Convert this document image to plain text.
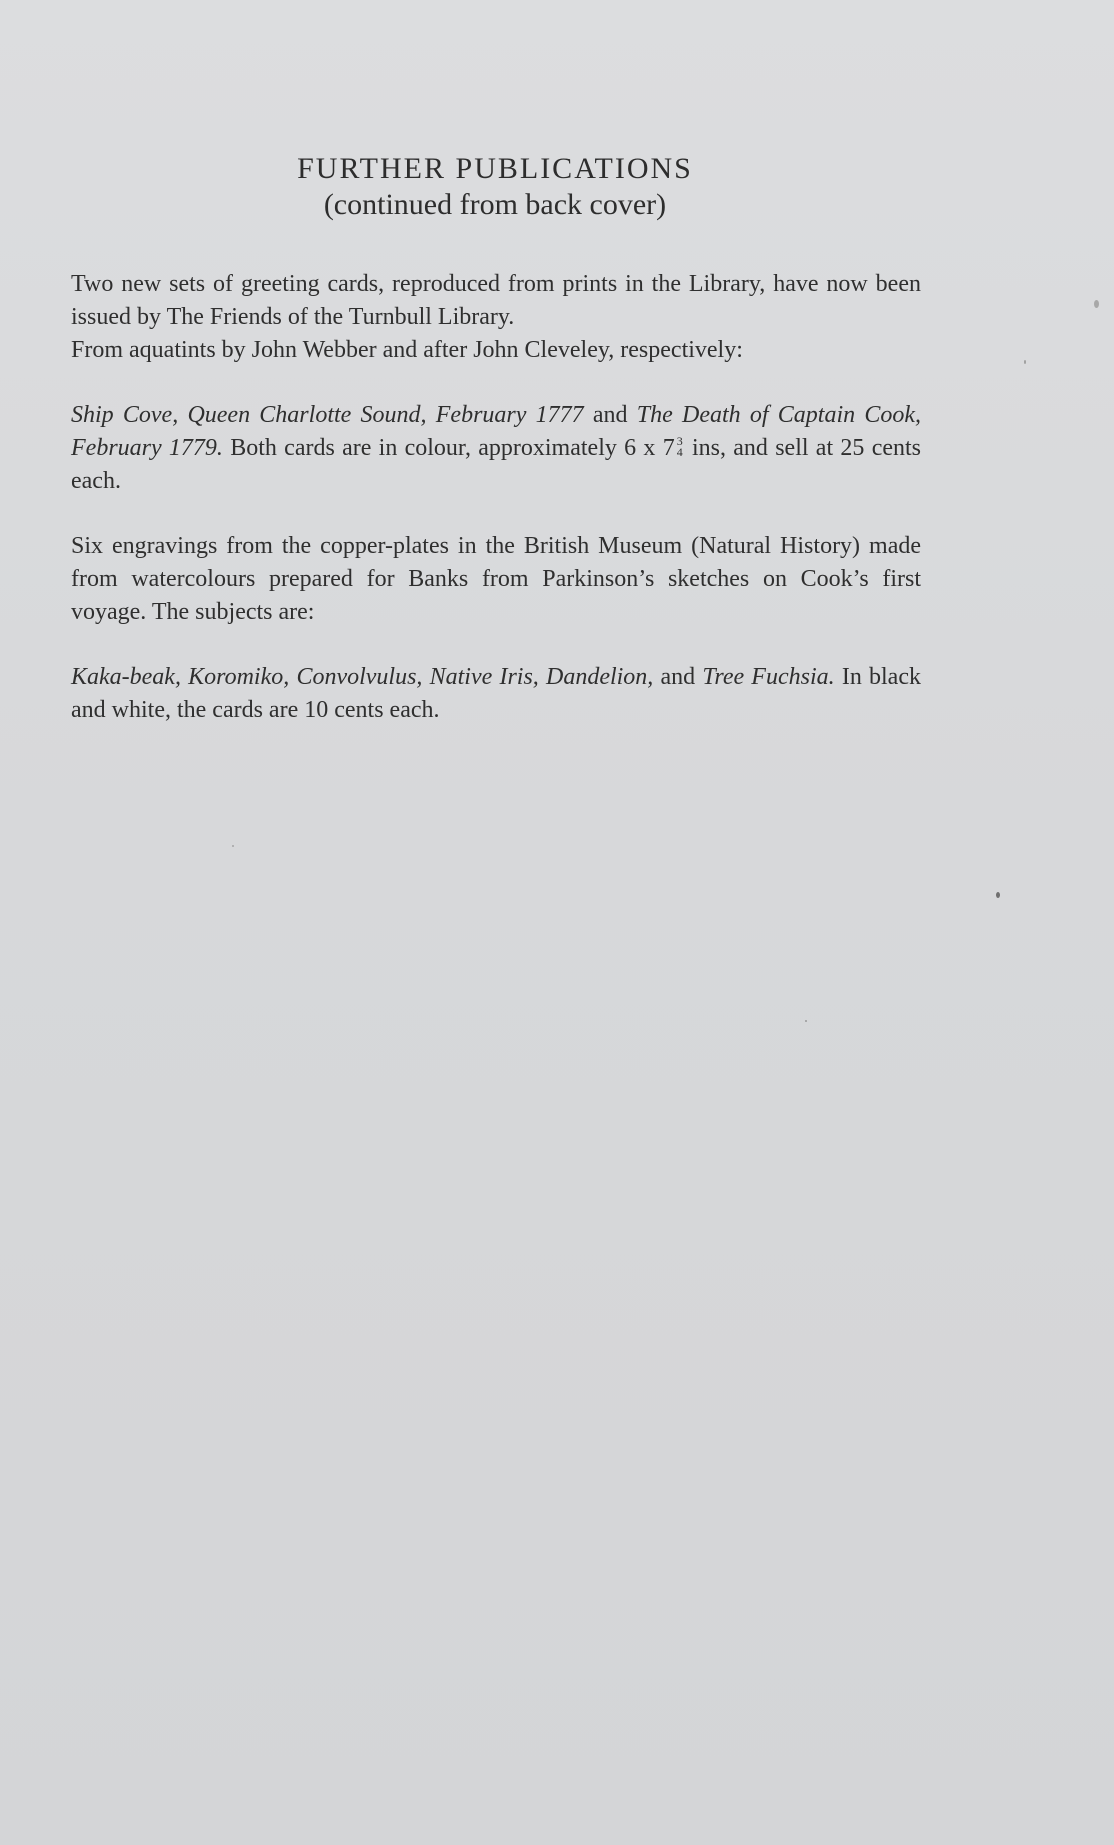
FURTHER PUBLICATIONS
(continued from back cover)

Two new sets of greeting cards, reproduced from prints in the Library, have now been issued by The Friends of the Turnbull Library.
From aquatints by John Webber and after John Cleveley, respectively:

Ship Cove, Queen Charlotte Sound, February 1777 and The Death of Captain Cook, February 1779. Both cards are in colour, approximately 6 x 7 3
4 ins, and sell at 25 cents each.

Six engravings from the copper-plates in the British Museum (Natural History) made from watercolours prepared for Banks from Parkinson’s sketches on Cook’s first voyage. The subjects are:

Kaka-beak, Koromiko, Convolvulus, Native Iris, Dandelion, and Tree Fuchsia. In black and white, the cards are 10 cents each.
